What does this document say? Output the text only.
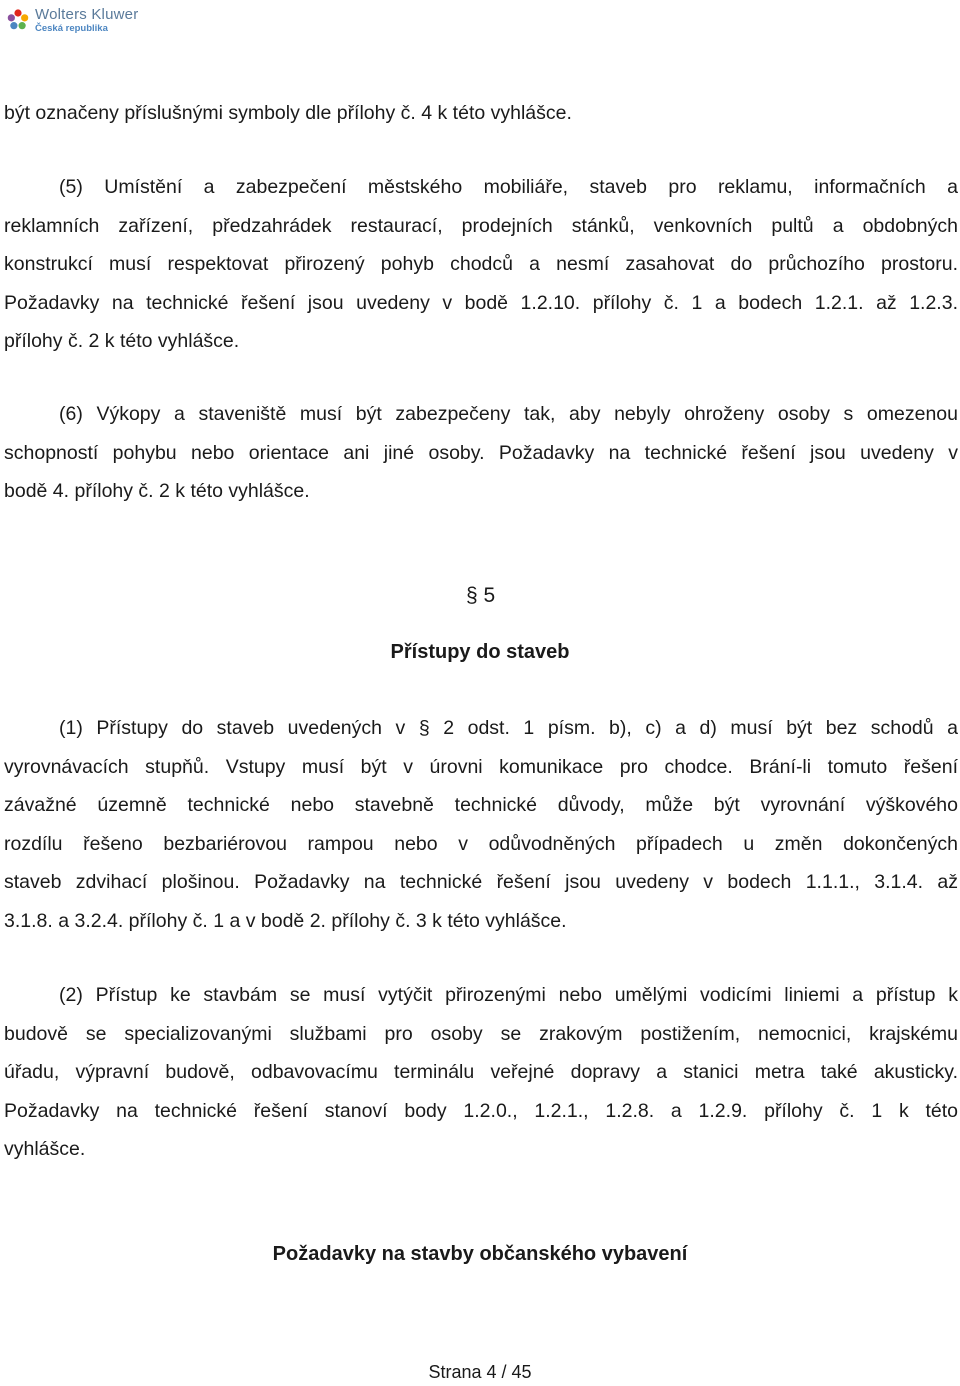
Wolters Kluwer
Česká republika
být označeny příslušnými symboly dle přílohy č. 4 k této vyhlášce.
(5) Umístění a zabezpečení městského mobiliáře, staveb pro reklamu, informačních a
reklamních zařízení, předzahrádek restaurací, prodejních stánků, venkovních pultů a obdobných
konstrukcí musí respektovat přirozený pohyb chodců a nesmí zasahovat do průchozího prostoru.
Požadavky na technické řešení jsou uvedeny v bodě 1.2.10. přílohy č. 1 a bodech 1.2.1. až 1.2.3.
přílohy č. 2 k této vyhlášce.
(6) Výkopy a staveniště musí být zabezpečeny tak, aby nebyly ohroženy osoby s omezenou
schopností pohybu nebo orientace ani jiné osoby. Požadavky na technické řešení jsou uvedeny v
bodě 4. přílohy č. 2 k této vyhlášce.
§ 5
Přístupy do staveb
(1) Přístupy do staveb uvedených v § 2 odst. 1 písm. b), c) a d) musí být bez schodů a
vyrovnávacích stupňů. Vstupy musí být v úrovni komunikace pro chodce. Brání-li tomuto řešení
závažné územně technické nebo stavebně technické důvody, může být vyrovnání výškového
rozdílu řešeno bezbariérovou rampou nebo v odůvodněných případech u změn dokončených
staveb zdvihací plošinou. Požadavky na technické řešení jsou uvedeny v bodech 1.1.1., 3.1.4. až
3.1.8. a 3.2.4. přílohy č. 1 a v bodě 2. přílohy č. 3 k této vyhlášce.
(2) Přístup ke stavbám se musí vytýčit přirozenými nebo umělými vodicími liniemi a přístup k
budově se specializovanými službami pro osoby se zrakovým postižením, nemocnici, krajskému
úřadu, výpravní budově, odbavovacímu terminálu veřejné dopravy a stanici metra také akusticky.
Požadavky na technické řešení stanoví body 1.2.0., 1.2.1., 1.2.8. a 1.2.9. přílohy č. 1 k této
vyhlášce.
Požadavky na stavby občanského vybavení
Strana 4 / 45
